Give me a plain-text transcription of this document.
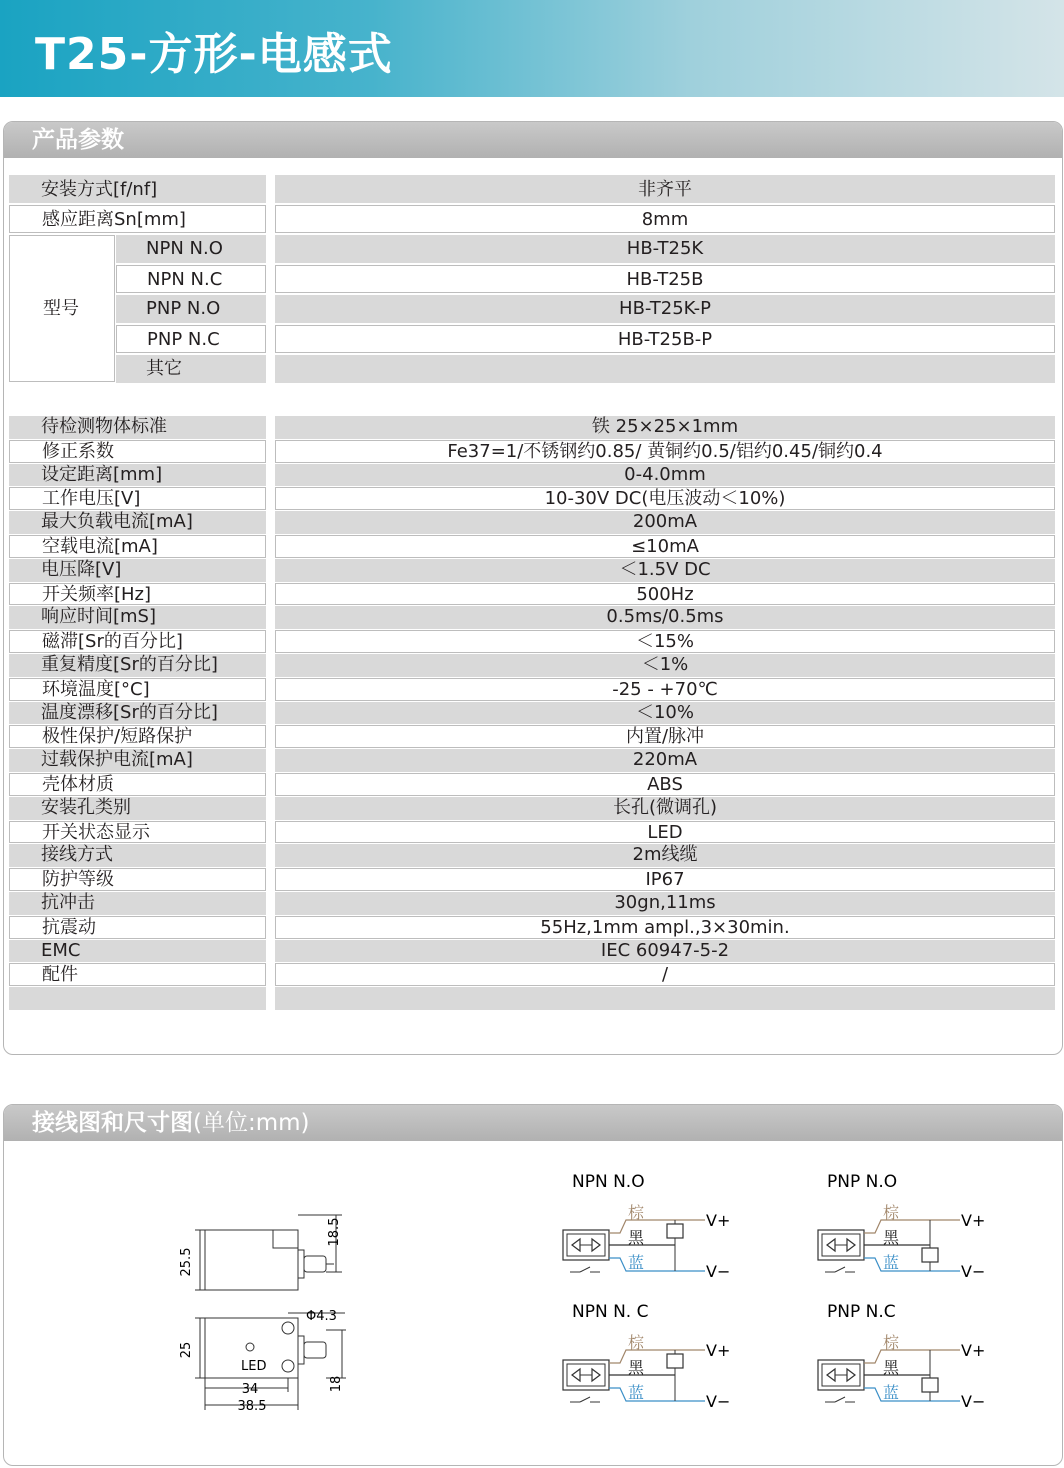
T25-方形-电感式
产品参数
安装方式[f/nf]	非齐平
感应距离Sn[mm]	8mm
型号
NPN N.O	HB-T25K
NPN N.C	HB-T25B
PNP N.O	HB-T25K-P
PNP N.C	HB-T25B-P
其它
待检测物体标准	铁 25×25×1mm
修正系数	Fe37=1/不锈钢约0.85/ 黄铜约0.5/铝约0.45/铜约0.4
设定距离[mm]	0-4.0mm
工作电压[V]	10-30V DC(电压波动＜10%)
最大负载电流[mA]	200mA
空载电流[mA]	≤10mA
电压降[V]	＜1.5V DC
开关频率[Hz]	500Hz
响应时间[mS]	0.5ms/0.5ms
磁滞[Sr的百分比]	＜15%
重复精度[Sr的百分比]	＜1%
环境温度[°C]	-25 - +70℃
温度漂移[Sr的百分比]	＜10%
极性保护/短路保护	内置/脉冲
过载保护电流[mA]	220mA
壳体材质	ABS
安装孔类别	长孔(微调孔)
开关状态显示	LED
接线方式	2m线缆
防护等级	IP67
抗冲击	30gn,11ms
抗震动	55Hz,1mm ampl.,3×30min.
EMC	IEC 60947-5-2
配件	/
接线图和尺寸图(单位:mm)
25.5
18.5
Φ4.3
25
18
LED
34
38.5
NPN N.O
棕
黑
蓝
V+
V−
PNP N.O
棕
黑
蓝
V+
V−
NPN N. C
棕
黑
蓝
V+
V−
PNP N.C
棕
黑
蓝
V+
V−
